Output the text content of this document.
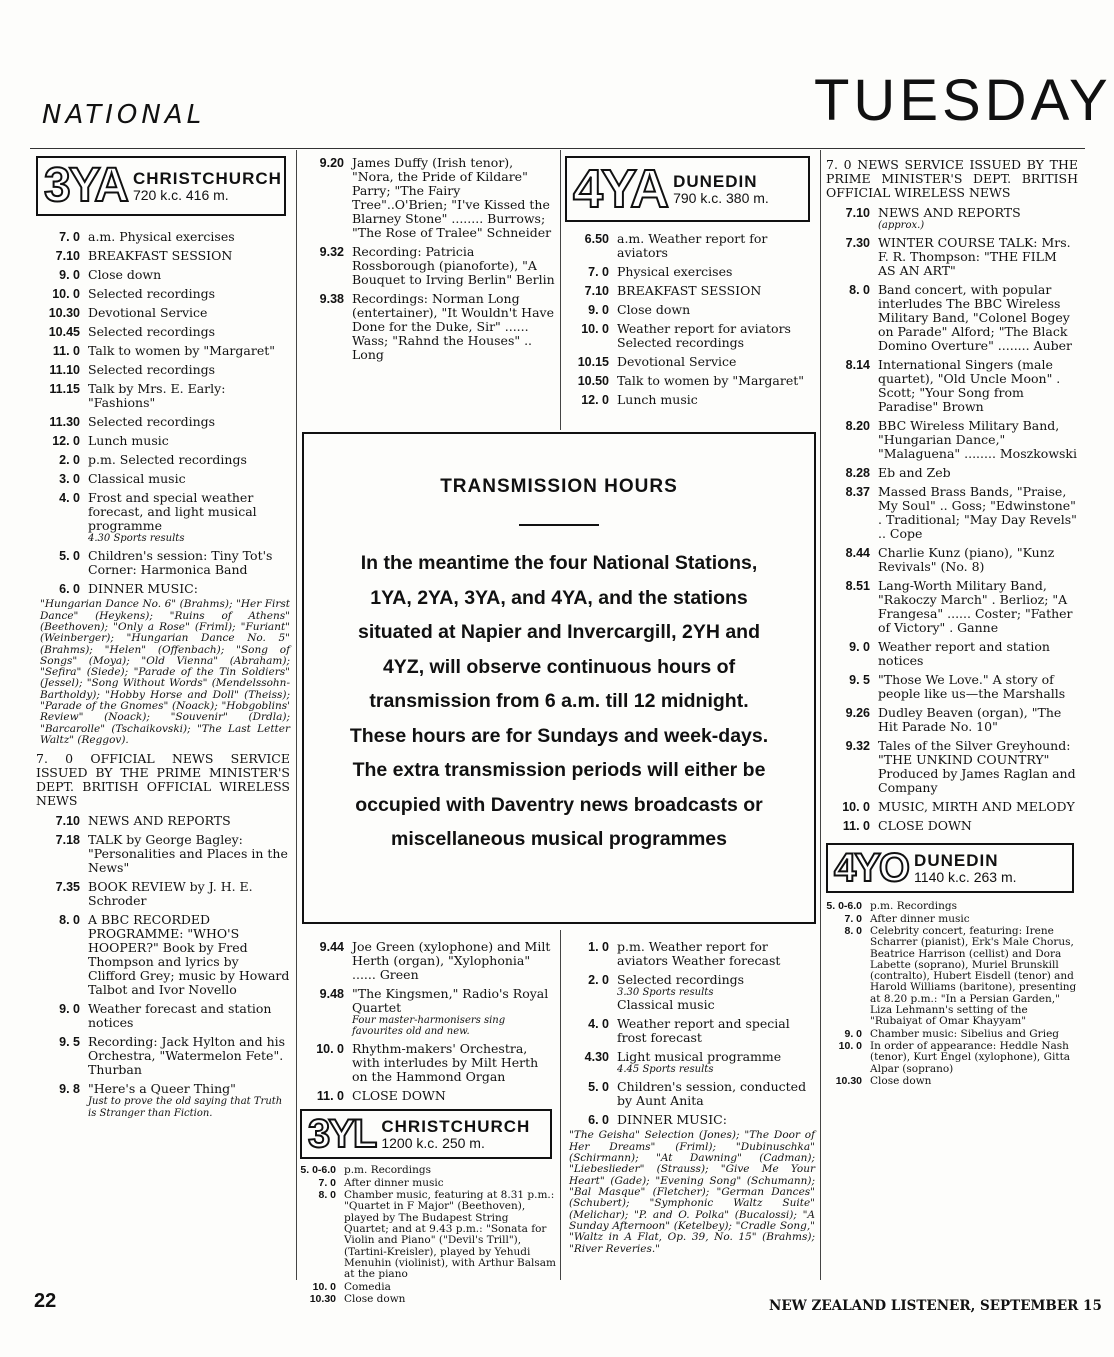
NATIONAL	TUESDAY
3YA CHRISTCHURCH
720 k.c. 416 m.
7. 0 a.m. Physical exercises
7.10 BREAKFAST SESSION
9. 0 Close down
10. 0 Selected recordings
10.30 Devotional Service
10.45 Selected recordings
11. 0 Talk to women by "Margaret"
11.10 Selected recordings
11.15 Talk by Mrs. E. Early: "Fashions"
11.30 Selected recordings
12. 0 Lunch music
2. 0 p.m. Selected recordings
3. 0 Classical music
4. 0 Frost and special weather forecast, and light musical programme
4.30 Sports results
5. 0 Children's session: Tiny Tot's Corner: Harmonica Band
6. 0 DINNER MUSIC:
"Hungarian Dance No. 6" (Brahms); "Her First Dance" (Heykens); "Ruins of Athens" (Beethoven); "Only a Rose" (Friml); "Furiant" (Weinberger); "Hungarian Dance No. 5" (Brahms); "Helen" (Offenbach); "Song of Songs" (Moya); "Old Vienna" (Abraham); "Sefira" (Siede); "Parade of the Tin Soldiers" (Jessel); "Song Without Words" (Mendelssohn-Bartholdy); "Hobby Horse and Doll" (Theiss); "Parade of the Gnomes" (Noack); "Hobgoblins' Review" (Noack); "Souvenir" (Drdla); "Barcarolle" (Tschaikovski); "The Last Letter Waltz" (Reggov).
7. 0 OFFICIAL NEWS SERVICE ISSUED BY THE PRIME MINISTER'S DEPT. BRITISH OFFICIAL WIRELESS NEWS
7.10 NEWS AND REPORTS
7.18 TALK by George Bagley: "Personalities and Places in the News"
7.35 BOOK REVIEW by J. H. E. Schroder
8. 0 A BBC RECORDED PROGRAMME: "WHO'S HOOPER?" Book by Fred Thompson and lyrics by Clifford Grey; music by Howard Talbot and Ivor Novello
9. 0 Weather forecast and station notices
9. 5 Recording: Jack Hylton and his Orchestra, "Watermelon Fete". Thurban
9. 8 "Here's a Queer Thing"
Just to prove the old saying that Truth is Stranger than Fiction.
9.20 James Duffy (Irish tenor), "Nora, the Pride of Kildare" Parry; "The Fairy Tree"..O'Brien; "I've Kissed the Blarney Stone" ........ Burrows; "The Rose of Tralee" Schneider
9.32 Recording: Patricia Rossborough (pianoforte), "A Bouquet to Irving Berlin" Berlin
9.38 Recordings: Norman Long (entertainer), "It Wouldn't Have Done for the Duke, Sir" ...... Wass; "Rahnd the Houses" .. Long
4YA DUNEDIN
790 k.c. 380 m.
6.50 a.m. Weather report for aviators
7. 0 Physical exercises
7.10 BREAKFAST SESSION
9. 0 Close down
10. 0 Weather report for aviators Selected recordings
10.15 Devotional Service
10.50 Talk to women by "Margaret"
12. 0 Lunch music
TRANSMISSION HOURS
In the meantime the four National Stations, 1YA, 2YA, 3YA, and 4YA, and the stations situated at Napier and Invercargill, 2YH and 4YZ, will observe continuous hours of transmission from 6 a.m. till 12 midnight. These hours are for Sundays and week-days. The extra transmission periods will either be occupied with Daventry news broadcasts or miscellaneous musical programmes
9.44 Joe Green (xylophone) and Milt Herth (organ), "Xylophonia" ...... Green
9.48 "The Kingsmen," Radio's Royal Quartet
Four master-harmonisers sing favourites old and new.
10. 0 Rhythm-makers' Orchestra, with interludes by Milt Herth on the Hammond Organ
11. 0 CLOSE DOWN
3YL CHRISTCHURCH
1200 k.c. 250 m.
5. 0-6.0 p.m. Recordings
7. 0 After dinner music
8. 0 Chamber music, featuring at 8.31 p.m.: "Quartet in F Major" (Beethoven), played by The Budapest String Quartet; and at 9.43 p.m.: "Sonata for Violin and Piano" ("Devil's Trill"), (Tartini-Kreisler), played by Yehudi Menuhin (violinist), with Arthur Balsam at the piano
10. 0 Comedia
10.30 Close down
1. 0 p.m. Weather report for aviators Weather forecast
2. 0 Selected recordings
3.30 Sports results
Classical music
4. 0 Weather report and special frost forecast
4.30 Light musical programme
4.45 Sports results
5. 0 Children's session, conducted by Aunt Anita
6. 0 DINNER MUSIC:
"The Geisha" Selection (Jones); "The Door of Her Dreams" (Friml); "Dubinuschka" (Schirmann); "At Dawning" (Cadman); "Liebeslieder" (Strauss); "Give Me Your Heart" (Gade); "Evening Song" (Schumann); "Bal Masque" (Fletcher); "German Dances" (Schubert); "Symphonic Waltz Suite" (Melichar); "P. and O. Polka" (Bucalossi); "A Sunday Afternoon" (Ketelbey); "Cradle Song," "Waltz in A Flat, Op. 39, No. 15" (Brahms); "River Reveries."
7. 0 NEWS SERVICE ISSUED BY THE PRIME MINISTER'S DEPT. BRITISH OFFICIAL WIRELESS NEWS
7.10 NEWS AND REPORTS
(approx.)
7.30 WINTER COURSE TALK: Mrs. F. R. Thompson: "THE FILM AS AN ART"
8. 0 Band concert, with popular interludes The BBC Wireless Military Band, "Colonel Bogey on Parade" Alford; "The Black Domino Overture" ........ Auber
8.14 International Singers (male quartet), "Old Uncle Moon" . Scott; "Your Song from Paradise" Brown
8.20 BBC Wireless Military Band, "Hungarian Dance," "Malaguena" ........ Moszkowski
8.28 Eb and Zeb
8.37 Massed Brass Bands, "Praise, My Soul" .. Goss; "Edwinstone" . Traditional; "May Day Revels" .. Cope
8.44 Charlie Kunz (piano), "Kunz Revivals" (No. 8)
8.51 Lang-Worth Military Band, "Rakoczy March" . Berlioz; "A Frangesa" ...... Coster; "Father of Victory" . Ganne
9. 0 Weather report and station notices
9. 5 "Those We Love." A story of people like us—the Marshalls
9.26 Dudley Beaven (organ), "The Hit Parade No. 10"
9.32 Tales of the Silver Greyhound: "THE UNKIND COUNTRY" Produced by James Raglan and Company
10. 0 MUSIC, MIRTH AND MELODY
11. 0 CLOSE DOWN
4YO DUNEDIN
1140 k.c. 263 m.
5. 0-6.0 p.m. Recordings
7. 0 After dinner music
8. 0 Celebrity concert, featuring: Irene Scharrer (pianist), Erk's Male Chorus, Beatrice Harrison (cellist) and Dora Labette (soprano), Muriel Brunskill (contralto), Hubert Eisdell (tenor) and Harold Williams (baritone), presenting at 8.20 p.m.: "In a Persian Garden," Liza Lehmann's setting of the "Rubaiyat of Omar Khayyam"
9. 0 Chamber music: Sibelius and Grieg
10. 0 In order of appearance: Heddle Nash (tenor), Kurt Engel (xylophone), Gitta Alpar (soprano)
10.30 Close down
22	NEW ZEALAND LISTENER, SEPTEMBER 15
